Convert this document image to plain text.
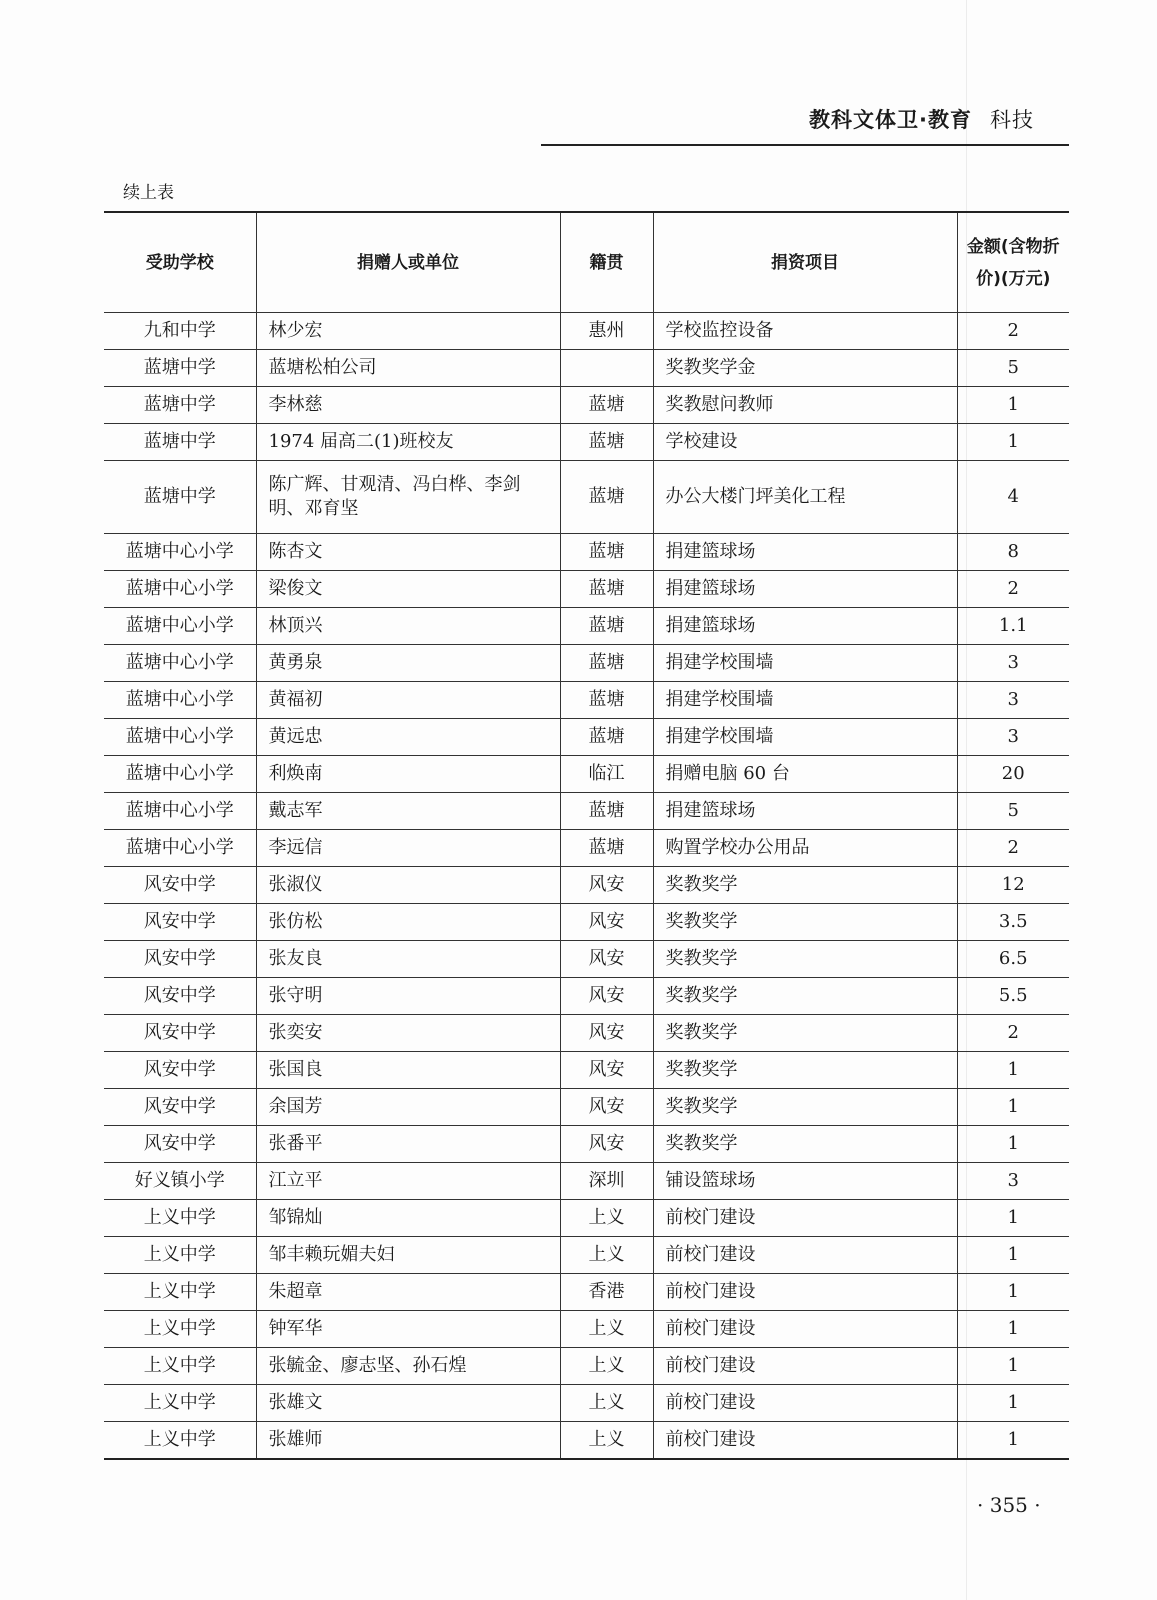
教科文体卫·教育 科技
续上表
受助学校	捐赠人或单位	籍贯	捐资项目	金额(含物折价)(万元)
九和中学	林少宏	惠州	学校监控设备	2
蓝塘中学	蓝塘松柏公司		奖教奖学金	5
蓝塘中学	李林慈	蓝塘	奖教慰问教师	1
蓝塘中学	1974 届高二(1)班校友	蓝塘	学校建设	1
蓝塘中学	陈广辉、甘观清、冯白桦、李剑明、邓育坚	蓝塘	办公大楼门坪美化工程	4
蓝塘中心小学	陈杏文	蓝塘	捐建篮球场	8
蓝塘中心小学	梁俊文	蓝塘	捐建篮球场	2
蓝塘中心小学	林顶兴	蓝塘	捐建篮球场	1.1
蓝塘中心小学	黄勇泉	蓝塘	捐建学校围墙	3
蓝塘中心小学	黄福初	蓝塘	捐建学校围墙	3
蓝塘中心小学	黄远忠	蓝塘	捐建学校围墙	3
蓝塘中心小学	利焕南	临江	捐赠电脑 60 台	20
蓝塘中心小学	戴志军	蓝塘	捐建篮球场	5
蓝塘中心小学	李远信	蓝塘	购置学校办公用品	2
风安中学	张淑仪	风安	奖教奖学	12
风安中学	张仿松	风安	奖教奖学	3.5
风安中学	张友良	风安	奖教奖学	6.5
风安中学	张守明	风安	奖教奖学	5.5
风安中学	张奕安	风安	奖教奖学	2
风安中学	张国良	风安	奖教奖学	1
风安中学	余国芳	风安	奖教奖学	1
风安中学	张番平	风安	奖教奖学	1
好义镇小学	江立平	深圳	铺设篮球场	3
上义中学	邹锦灿	上义	前校门建设	1
上义中学	邹丰赖玩媚夫妇	上义	前校门建设	1
上义中学	朱超章	香港	前校门建设	1
上义中学	钟军华	上义	前校门建设	1
上义中学	张毓金、廖志坚、孙石煌	上义	前校门建设	1
上义中学	张雄文	上义	前校门建设	1
上义中学	张雄师	上义	前校门建设	1
· 355 ·
